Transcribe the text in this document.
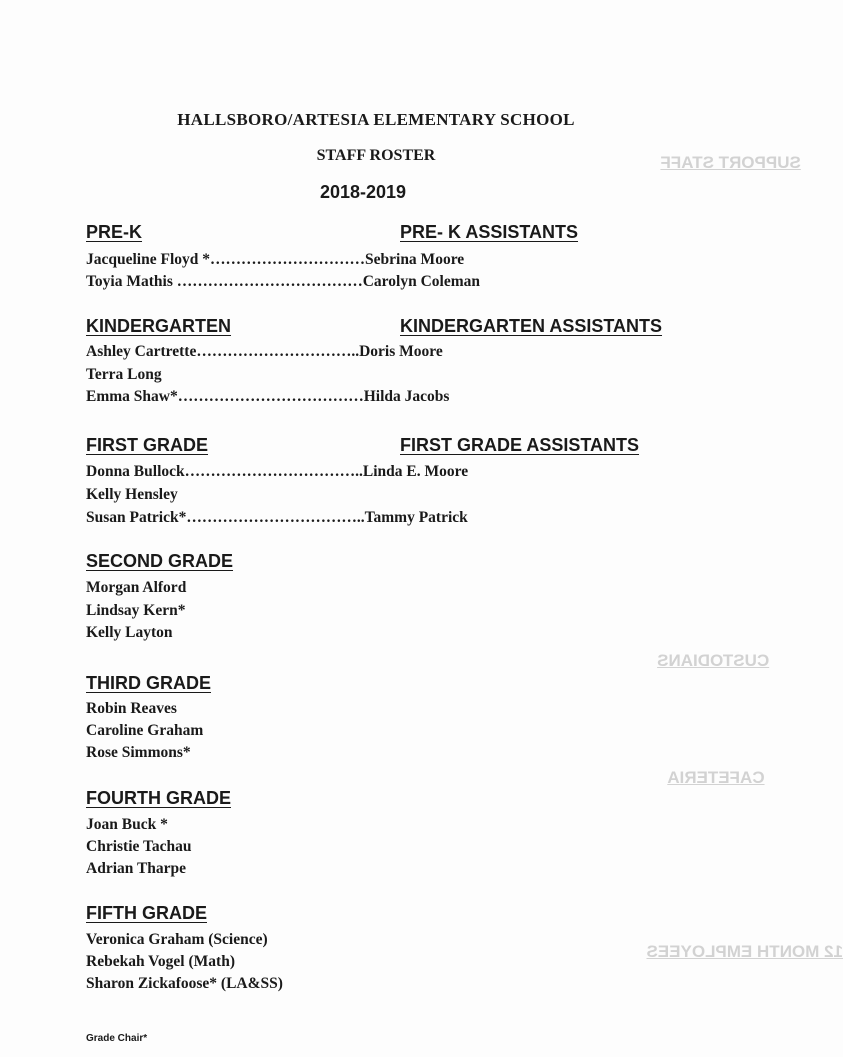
SUPPORT STAFF
CUSTODIANS
CAFETERIA
12 MONTH EMPLOYEES
HALLSBORO/ARTESIA ELEMENTARY SCHOOL
STAFF ROSTER
2018-2019
PRE-K	PRE- K ASSISTANTS
Jacqueline Floyd *…………………………Sebrina Moore
Toyia Mathis ………………………………Carolyn Coleman
KINDERGARTEN	KINDERGARTEN ASSISTANTS
Ashley Cartrette…………………………..Doris Moore
Terra Long
Emma Shaw*………………………………Hilda Jacobs
FIRST GRADE	FIRST GRADE ASSISTANTS
Donna Bullock……………………………..Linda E. Moore
Kelly Hensley
Susan Patrick*……………………………..Tammy Patrick
SECOND GRADE
Morgan Alford
Lindsay Kern*
Kelly Layton
THIRD GRADE
Robin Reaves
Caroline Graham
Rose Simmons*
FOURTH GRADE
Joan Buck *
Christie Tachau
Adrian Tharpe
FIFTH GRADE
Veronica Graham (Science)
Rebekah Vogel (Math)
Sharon Zickafoose* (LA&SS)
Grade Chair*
